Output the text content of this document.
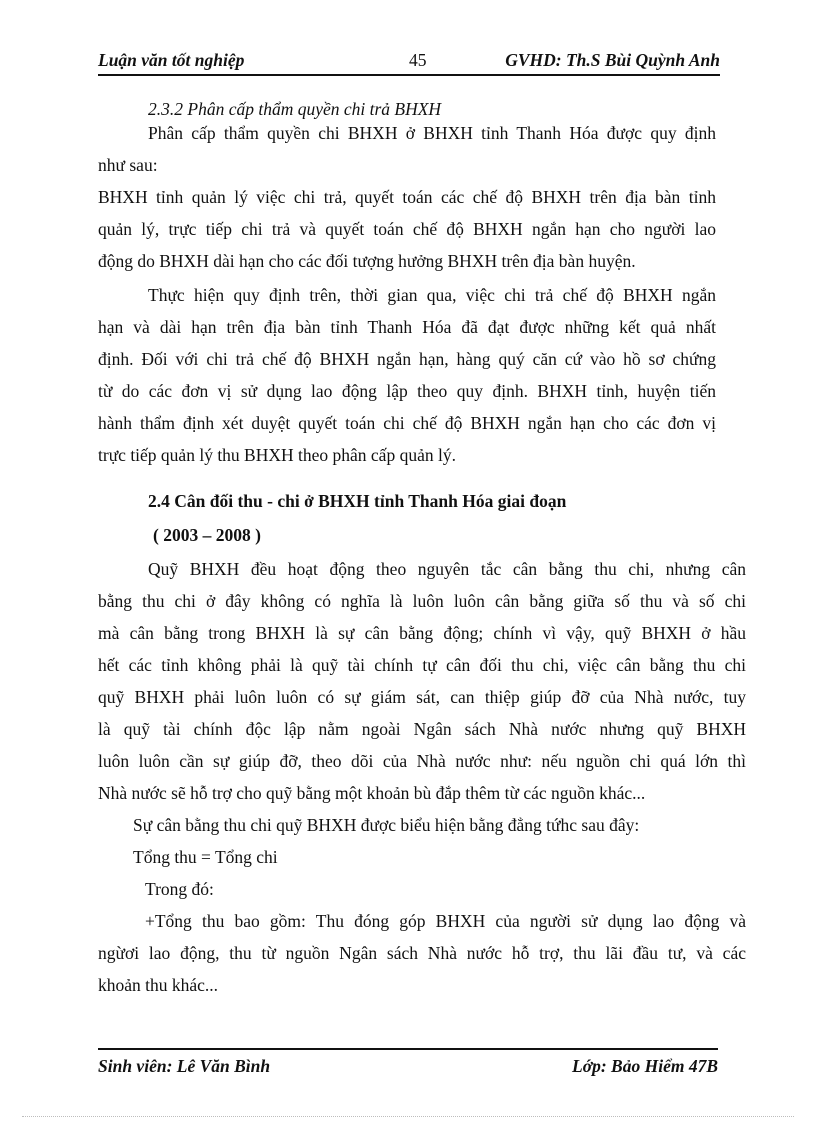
Luận văn tốt nghiệp	45	GVHD: Th.S Bùi Quỳnh Anh
2.3.2 Phân cấp thẩm quyền chi trả BHXH
Phân cấp thẩm quyền chi BHXH ở BHXH tỉnh Thanh Hóa được quy định
như sau:
BHXH tỉnh quản lý việc chi trả, quyết toán các chế độ BHXH trên địa bàn tỉnh
quản lý, trực tiếp chi trả và quyết toán chế độ BHXH ngắn hạn cho người lao
động do BHXH dài hạn cho các đối tượng hưởng BHXH trên địa bàn huyện.
Thực hiện quy định trên, thời gian qua, việc chi trả chế độ BHXH ngắn
hạn và dài hạn trên địa bàn tỉnh Thanh Hóa đã đạt được những kết quả nhất
định. Đối với chi trả chế độ BHXH ngắn hạn, hàng quý căn cứ vào hồ sơ chứng
từ do các đơn vị sử dụng lao động lập theo quy định. BHXH tỉnh, huyện tiến
hành thẩm định xét duyệt quyết toán chi chế độ BHXH ngắn hạn cho các đơn vị
trực tiếp quản lý thu BHXH theo phân cấp quản lý.
2.4 Cân đối thu - chi ở BHXH tỉnh Thanh Hóa giai đoạn
( 2003 – 2008 )
Quỹ BHXH đều hoạt động theo nguyên tắc cân bằng thu chi, nhưng cân
bằng thu chi ở đây không có nghĩa là luôn luôn cân bằng giữa số thu và số chi
mà cân bằng trong BHXH là sự cân bằng động; chính vì vậy, quỹ BHXH ở hầu
hết các tỉnh không phải là quỹ tài chính tự cân đối thu chi, việc cân bằng thu chi
quỹ BHXH phải luôn luôn có sự giám sát, can thiệp giúp đỡ của Nhà nước, tuy
là quỹ tài chính độc lập nằm ngoài Ngân sách Nhà nước nhưng quỹ BHXH
luôn luôn cần sự giúp đỡ, theo dõi của Nhà nước như: nếu nguồn chi quá lớn thì
Nhà nước sẽ hỗ trợ cho quỹ bằng một khoản bù đắp thêm từ các nguồn khác...
Sự cân bằng thu chi quỹ BHXH được biểu hiện bằng đẳng tứhc sau đây:
Tổng thu = Tổng chi
Trong đó:
+Tổng thu bao gồm: Thu đóng góp BHXH của người sử dụng lao động và
ngừơi lao động, thu từ nguồn Ngân sách Nhà nước hỗ trợ, thu lãi đầu tư, và các
khoản thu khác...
Sinh viên: Lê Văn Bình	Lớp: Bảo Hiểm 47B
